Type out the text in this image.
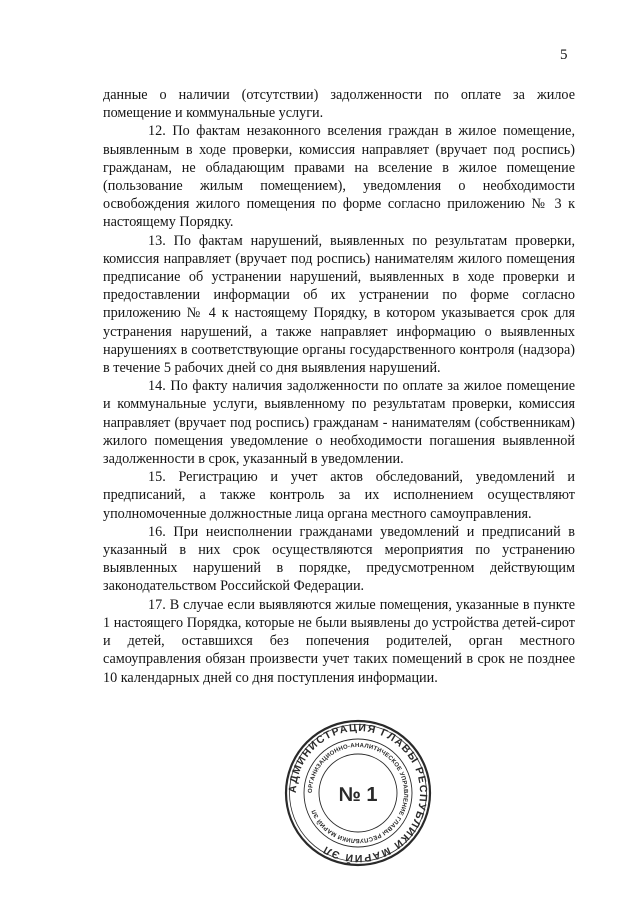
5

данные о наличии (отсутствии) задолженности по оплате за жилое помещение и коммунальные услуги.

12. По фактам незаконного вселения граждан в жилое помещение, выявленным в ходе проверки, комиссия направляет (вручает под роспись) гражданам, не обладающим правами на вселение в жилое помещение (пользование жилым помещением), уведомления о необходимости освобождения жилого помещения по форме согласно приложению № 3 к настоящему Порядку.

13. По фактам нарушений, выявленных по результатам проверки, комиссия направляет (вручает под роспись) нанимателям жилого помещения предписание об устранении нарушений, выявленных в ходе проверки и предоставлении информации об их устранении по форме согласно приложению № 4 к настоящему Порядку, в котором указывается срок для устранения нарушений, а также направляет информацию о выявленных нарушениях в соответствующие органы государственного контроля (надзора) в течение 5 рабочих дней со дня выявления нарушений.

14. По факту наличия задолженности по оплате за жилое помещение и коммунальные услуги, выявленному по результатам проверки, комиссия направляет (вручает под роспись) гражданам - нанимателям (собственникам) жилого помещения уведомление о необходимости погашения выявленной задолженности в срок, указанный в уведомлении.

15. Регистрацию и учет актов обследований, уведомлений и предписаний, а также контроль за их исполнением осуществляют уполномоченные должностные лица органа местного самоуправления.

16. При неисполнении гражданами уведомлений и предписаний в указанный в них срок осуществляются мероприятия по устранению выявленных нарушений в порядке, предусмотренном действующим законодательством Российской Федерации.

17. В случае если выявляются жилые помещения, указанные в пункте 1 настоящего Порядка, которые не были выявлены до устройства детей-сирот и детей, оставшихся без попечения родителей, орган местного самоуправления обязан произвести учет таких помещений в срок не позднее 10 календарных дней со дня поступления информации.

АДМИНИСТРАЦИЯ ГЛАВЫ РЕСПУБЛИКИ МАРИЙ ЭЛ
ОРГАНИЗАЦИОННО-АНАЛИТИЧЕСКОЕ УПРАВЛЕНИЕ ГЛАВЫ РЕСПУБЛИКИ МАРИЙ ЭЛ
№ 1
